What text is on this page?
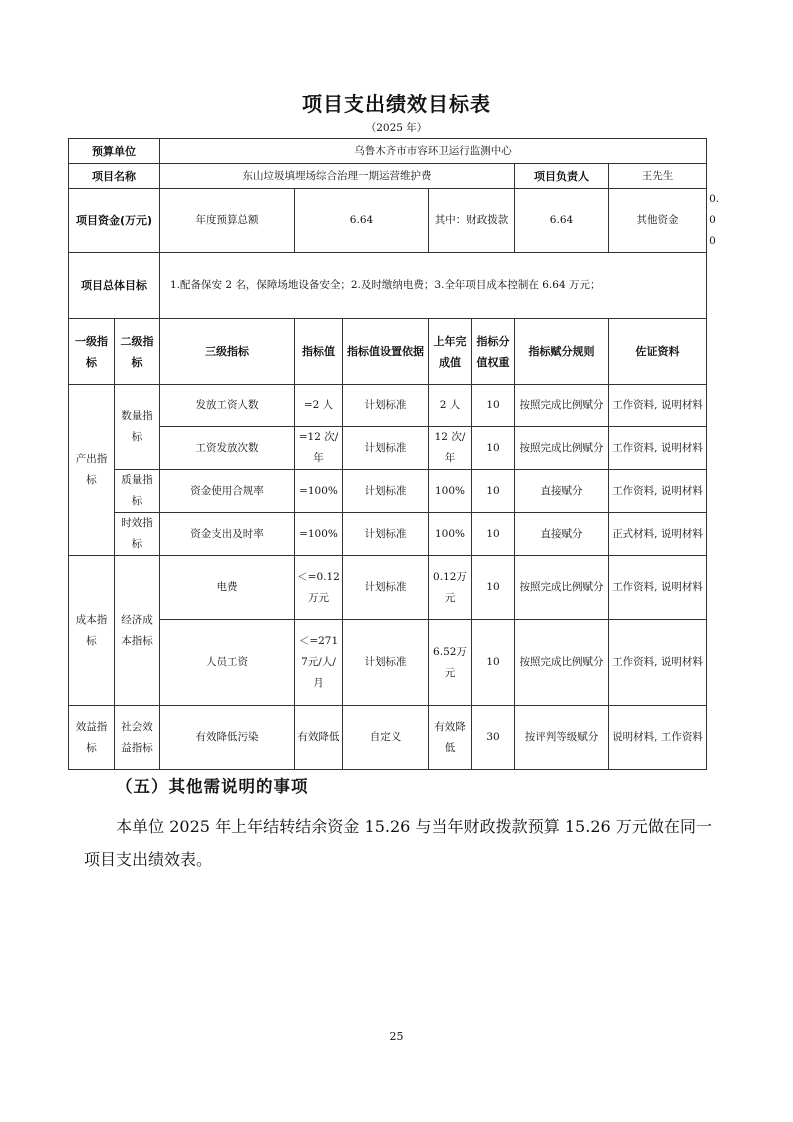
项目支出绩效目标表
（2025 年）
预算单位		乌鲁木齐市市容环卫运行监测中心							
项目名称		东山垃圾填埋场综合治理一期运营维护费					项目负责人	王先生	
项目资金(万元)		年度预算总额	6.64		其中：财政拨款		6.64	其他资金	0.00
项目总体目标		1.配备保安 2 名，保障场地设备安全；2.及时缴纳电费；3.全年项目成本控制在 6.64 万元；							
一级指标	二级指标	三级指标	指标值	指标值设置依据	上年完成值	指标分值权重	指标赋分规则	佐证资料	
产出指标	数量指标	发放工资人数	=2 人	计划标准	2 人	10	按照完成比例赋分	工作资料, 说明材料	
		工资发放次数	=12 次/年	计划标准	12 次/年	10	按照完成比例赋分	工作资料, 说明材料	
	质量指标	资金使用合规率	=100%	计划标准	100%	10	直接赋分	工作资料, 说明材料	
	时效指标	资金支出及时率	=100%	计划标准	100%	10	直接赋分	正式材料, 说明材料	
成本指标	经济成本指标	电费	＜=0.12万元	计划标准	0.12万元	10	按照完成比例赋分	工作资料, 说明材料	
		人员工资	＜=2717元/人/月	计划标准	6.52万元	10	按照完成比例赋分	工作资料, 说明材料	
效益指标	社会效益指标	有效降低污染	有效降低	自定义	有效降低	30	按评判等级赋分	说明材料, 工作资料	
（五）其他需说明的事项
本单位 2025 年上年结转结余资金 15.26 与当年财政拨款预算 15.26 万元做在同一项目支出绩效表。
25
